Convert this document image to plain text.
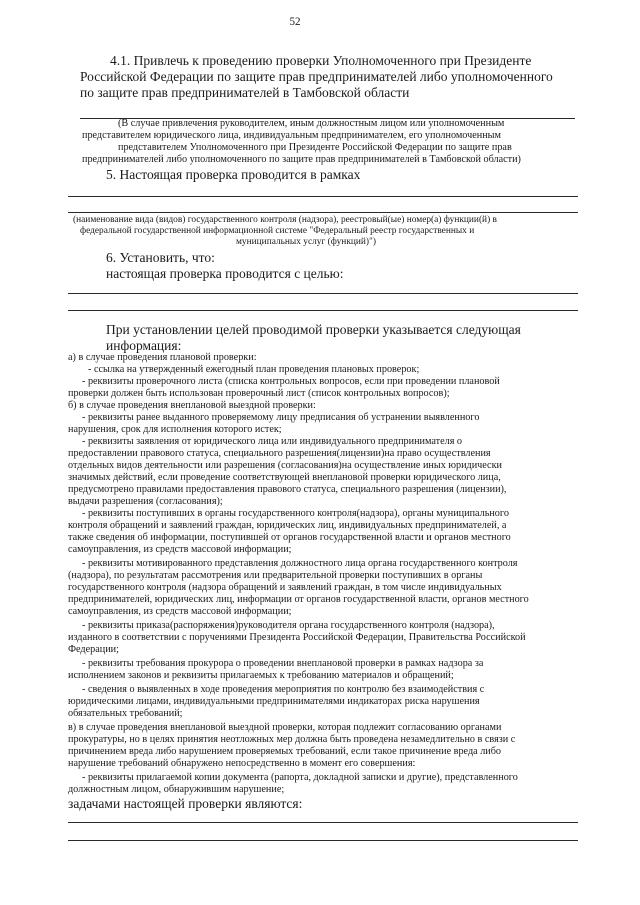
52
4.1. Привлечь к проведению проверки Уполномоченного при Президенте
Российской Федерации по защите прав предпринимателей либо уполномоченного
по защите прав предпринимателей в Тамбовской области
(В случае привлечения руководителем, иным должностным лицом или уполномоченным
представителем юридического лица, индивидуальным предпринимателем, его уполномоченным
представителем Уполномоченного при Президенте Российской Федерации по защите прав
предпринимателей либо уполномоченного по защите прав предпринимателей в Тамбовской области)
5. Настоящая проверка проводится в рамках
(наименование вида (видов) государственного контроля (надзора), реестровый(ые) номер(а) функции(й) в
федеральной государственной информационной системе "Федеральный реестр государственных и
муниципальных услуг (функций)")
6. Установить, что:
настоящая проверка проводится с целью:
При установлении целей проводимой проверки указывается следующая
информация:
а) в случае проведения плановой проверки:
- ссылка на утвержденный ежегодный план проведения плановых проверок;
- реквизиты проверочного листа (списка контрольных вопросов, если при проведении плановой
проверки должен быть использован проверочный лист (список контрольных вопросов);
б) в случае проведения внеплановой выездной проверки:
- реквизиты ранее выданного проверяемому лицу предписания об устранении выявленного
нарушения, срок для исполнения которого истек;
- реквизиты заявления от юридического лица или индивидуального предпринимателя о
предоставлении правового статуса, специального разрешения(лицензии)на право осуществления
отдельных видов деятельности или разрешения (согласования)на осуществление иных юридически
значимых действий, если проведение соответствующей внеплановой проверки юридического лица,
предусмотрено правилами предоставления правового статуса, специального разрешения (лицензии),
выдачи разрешения (согласования);
- реквизиты поступивших в органы государственного контроля(надзора), органы муниципального
контроля обращений и заявлений граждан, юридических лиц, индивидуальных предпринимателей, а
также сведения об информации, поступившей от органов государственной власти и органов местного
самоуправления, из средств массовой информации;
- реквизиты мотивированного представления должностного лица органа государственного контроля
(надзора), по результатам рассмотрения или предварительной проверки поступивших в органы
государственного контроля (надзора обращений и заявлений граждан, в том числе индивидуальных
предпринимателей, юридических лиц, информации от органов государственной власти, органов местного
самоуправления, из средств массовой информации;
- реквизиты приказа(распоряжения)руководителя органа государственного контроля (надзора),
изданного в соответствии с поручениями Президента Российской Федерации, Правительства Российской
Федерации;
- реквизиты требования прокурора о проведении внеплановой проверки в рамках надзора за
исполнением законов и реквизиты прилагаемых к требованию материалов и обращений;
- сведения о выявленных в ходе проведения мероприятия по контролю без взаимодействия с
юридическими лицами, индивидуальными предпринимателями индикаторах риска нарушения
обязательных требований;
в) в случае проведения внеплановой выездной проверки, которая подлежит согласованию органами
прокуратуры, но в целях принятия неотложных мер должна быть проведена незамедлительно в связи с
причинением вреда либо нарушением проверяемых требований, если такое причинение вреда либо
нарушение требований обнаружено непосредственно в момент его совершения:
- реквизиты прилагаемой копии документа (рапорта, докладной записки и другие), представленного
должностным лицом, обнаружившим нарушение;
задачами настоящей проверки являются:
